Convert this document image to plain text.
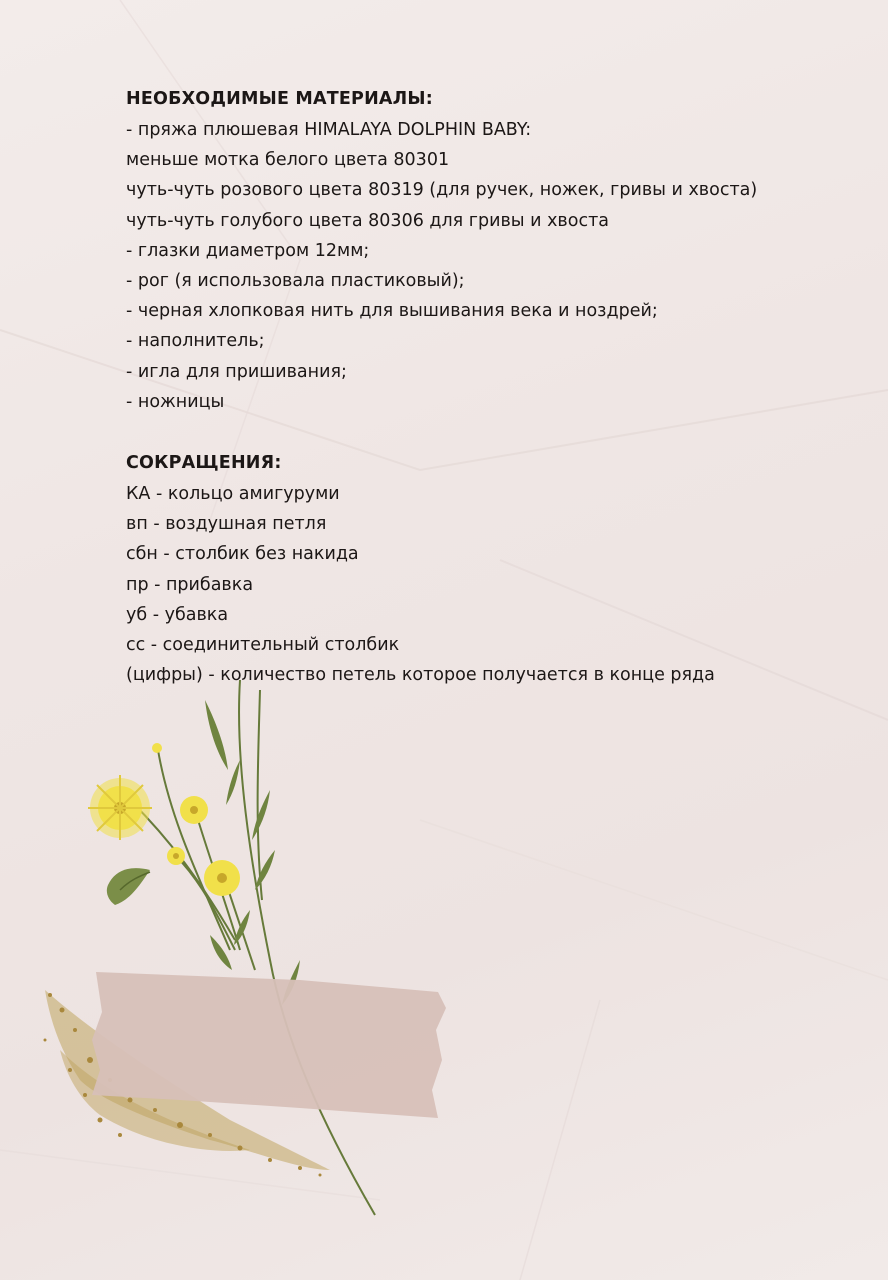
НЕОБХОДИМЫЕ МАТЕРИАЛЫ:

- пряжа плюшевая HIMALAYA DOLPHIN BABY:

меньше мотка белого цвета 80301

чуть-чуть розового цвета 80319 (для ручек, ножек, гривы и хвоста)

чуть-чуть голубого цвета 80306 для гривы и хвоста

- глазки диаметром 12мм;

- рог (я использовала пластиковый);

- черная хлопковая нить для вышивания века и ноздрей;

- наполнитель;

- игла для пришивания;

- ножницы

СОКРАЩЕНИЯ:

КА - кольцо амигуруми

вп - воздушная петля

сбн - столбик без накида

пр - прибавка

уб - убавка

сс - соединительный столбик

(цифры) - количество петель которое получается в конце ряда
